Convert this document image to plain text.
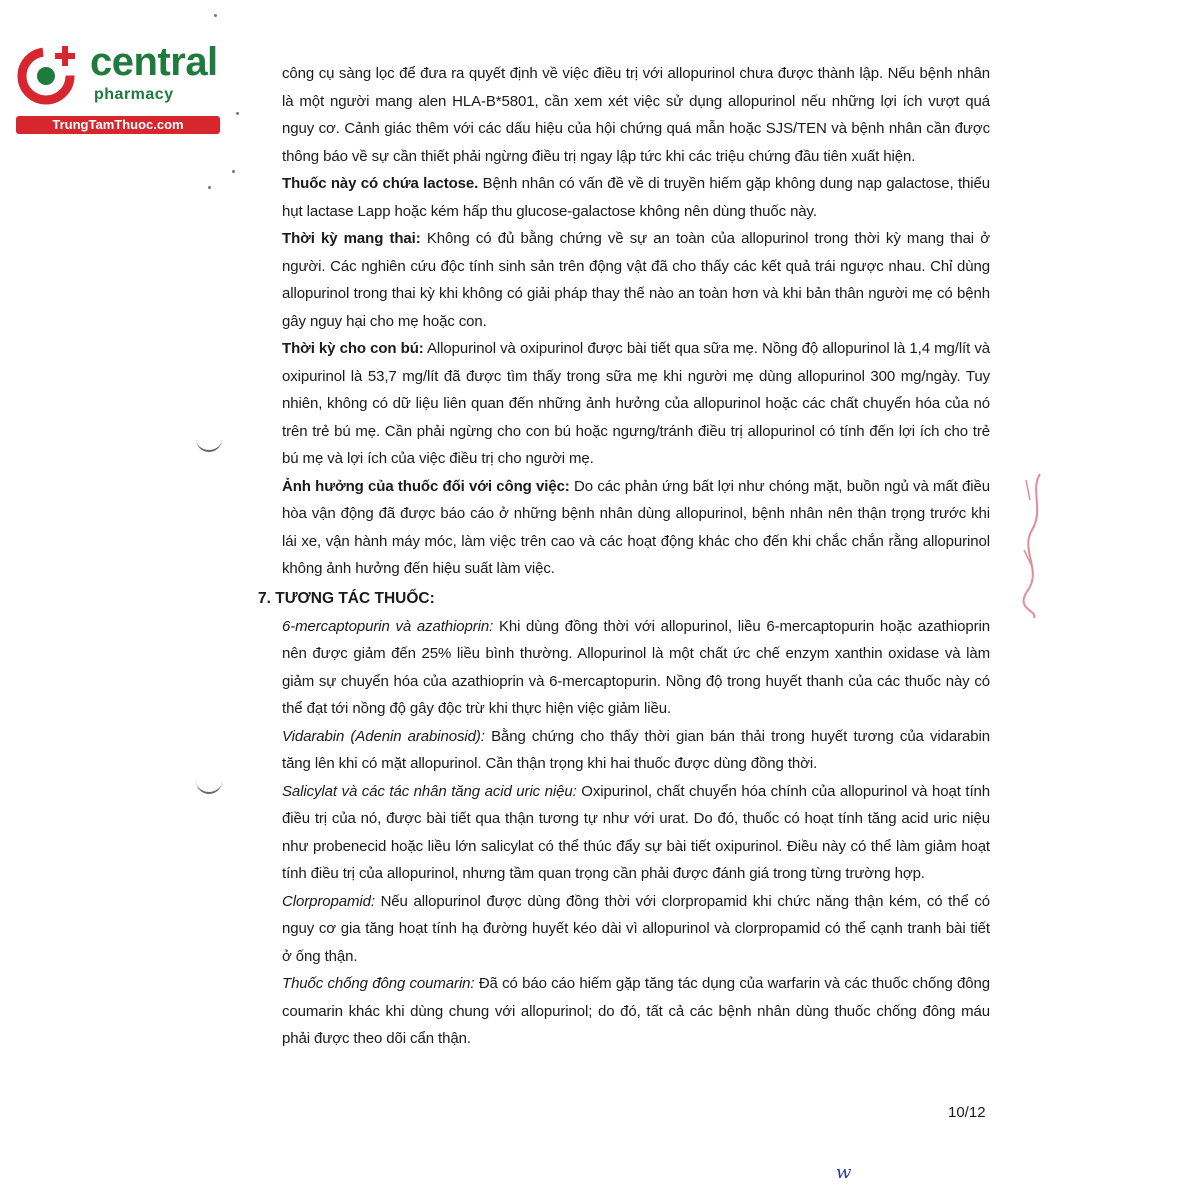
central
pharmacy
TrungTamThuoc.com

công cụ sàng lọc để đưa ra quyết định về việc điều trị với allopurinol chưa được thành lập. Nếu bệnh nhân là một người mang alen HLA-B*5801, cần xem xét việc sử dụng allopurinol nếu những lợi ích vượt quá nguy cơ. Cảnh giác thêm với các dấu hiệu của hội chứng quá mẫn hoặc SJS/TEN và bệnh nhân cần được thông báo về sự cần thiết phải ngừng điều trị ngay lập tức khi các triệu chứng đầu tiên xuất hiện.

Thuốc này có chứa lactose. Bệnh nhân có vấn đề về di truyền hiếm gặp không dung nạp galactose, thiếu hụt lactase Lapp hoặc kém hấp thu glucose-galactose không nên dùng thuốc này.

Thời kỳ mang thai: Không có đủ bằng chứng về sự an toàn của allopurinol trong thời kỳ mang thai ở người. Các nghiên cứu độc tính sinh sản trên động vật đã cho thấy các kết quả trái ngược nhau. Chỉ dùng allopurinol trong thai kỳ khi không có giải pháp thay thế nào an toàn hơn và khi bản thân người mẹ có bệnh gây nguy hại cho mẹ hoặc con.

Thời kỳ cho con bú: Allopurinol và oxipurinol được bài tiết qua sữa mẹ. Nồng độ allopurinol là 1,4 mg/lít và oxipurinol là 53,7 mg/lít đã được tìm thấy trong sữa mẹ khi người mẹ dùng allopurinol 300 mg/ngày. Tuy nhiên, không có dữ liệu liên quan đến những ảnh hưởng của allopurinol hoặc các chất chuyển hóa của nó trên trẻ bú mẹ. Cần phải ngừng cho con bú hoặc ngưng/tránh điều trị allopurinol có tính đến lợi ích cho trẻ bú mẹ và lợi ích của việc điều trị cho người mẹ.

Ảnh hưởng của thuốc đối với công việc: Do các phản ứng bất lợi như chóng mặt, buồn ngủ và mất điều hòa vận động đã được báo cáo ở những bệnh nhân dùng allopurinol, bệnh nhân nên thận trọng trước khi lái xe, vận hành máy móc, làm việc trên cao và các hoạt động khác cho đến khi chắc chắn rằng allopurinol không ảnh hưởng đến hiệu suất làm việc.

7. TƯƠNG TÁC THUỐC:

6-mercaptopurin và azathioprin: Khi dùng đồng thời với allopurinol, liều 6-mercaptopurin hoặc azathioprin nên được giảm đến 25% liều bình thường. Allopurinol là một chất ức chế enzym xanthin oxidase và làm giảm sự chuyển hóa của azathioprin và 6-mercaptopurin. Nồng độ trong huyết thanh của các thuốc này có thể đạt tới nồng độ gây độc trừ khi thực hiện việc giảm liều.

Vidarabin (Adenin arabinosid): Bằng chứng cho thấy thời gian bán thải trong huyết tương của vidarabin tăng lên khi có mặt allopurinol. Cần thận trọng khi hai thuốc được dùng đồng thời.

Salicylat và các tác nhân tăng acid uric niệu: Oxipurinol, chất chuyển hóa chính của allopurinol và hoạt tính điều trị của nó, được bài tiết qua thận tương tự như với urat. Do đó, thuốc có hoạt tính tăng acid uric niệu như probenecid hoặc liều lớn salicylat có thể thúc đẩy sự bài tiết oxipurinol. Điều này có thể làm giảm hoạt tính điều trị của allopurinol, nhưng tầm quan trọng cần phải được đánh giá trong từng trường hợp.

Clorpropamid: Nếu allopurinol được dùng đồng thời với clorpropamid khi chức năng thận kém, có thể có nguy cơ gia tăng hoạt tính hạ đường huyết kéo dài vì allopurinol và clorpropamid có thể cạnh tranh bài tiết ở ống thận.

Thuốc chống đông coumarin: Đã có báo cáo hiếm gặp tăng tác dụng của warfarin và các thuốc chống đông coumarin khác khi dùng chung với allopurinol; do đó, tất cả các bệnh nhân dùng thuốc chống đông máu phải được theo dõi cẩn thận.

10/12
w
